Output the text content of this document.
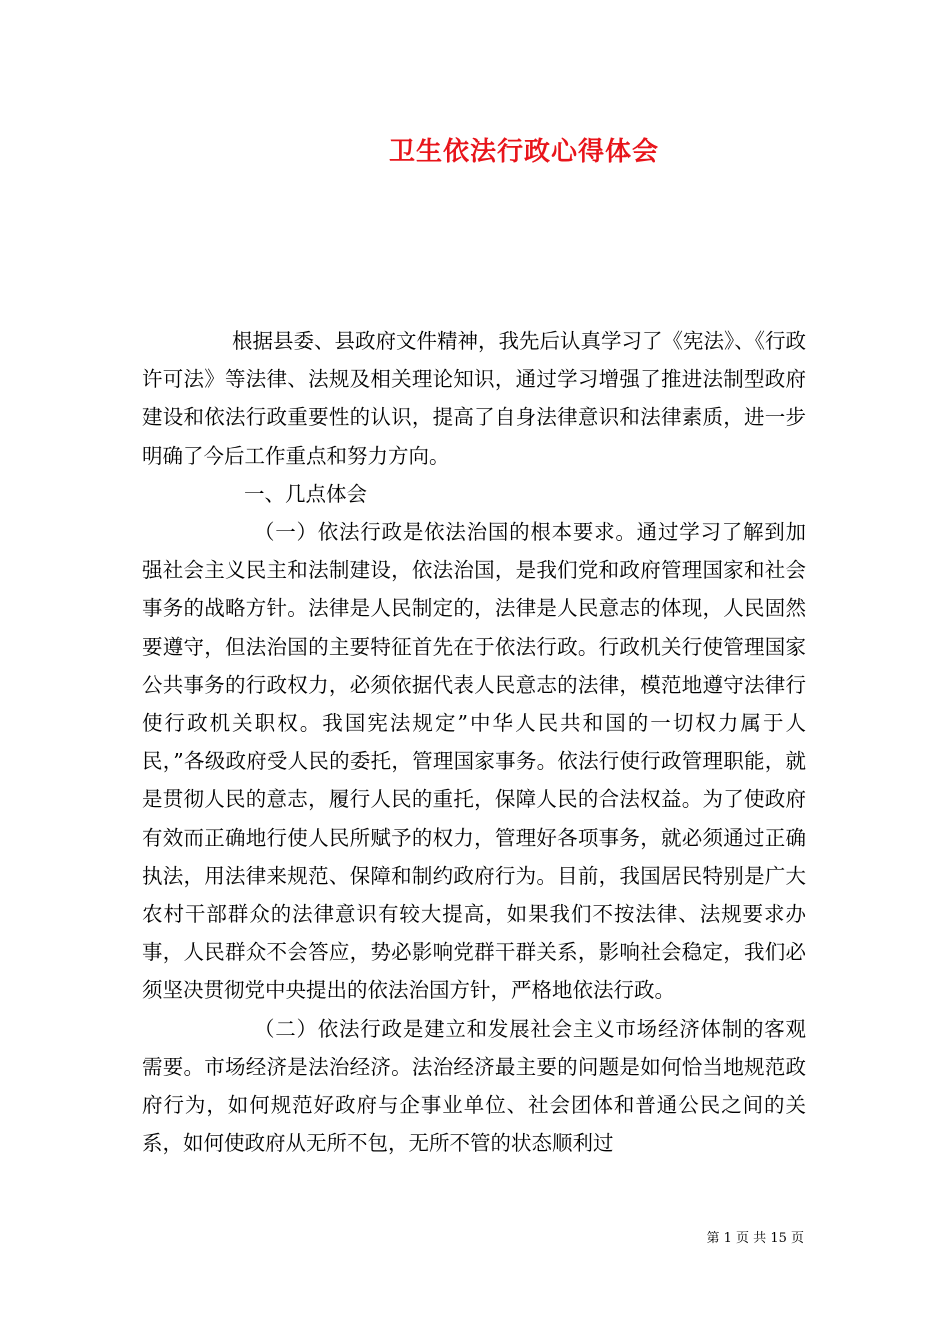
卫生依法行政心得体会

根据县委、县政府文件精神，我先后认真学习了《宪法》、《行政许可法》等法律、法规及相关理论知识，通过学习增强了推进法制型政府建设和依法行政重要性的认识，提高了自身法律意识和法律素质，进一步明确了今后工作重点和努力方向。

一、几点体会

（一）依法行政是依法治国的根本要求。通过学习了解到加强社会主义民主和法制建设，依法治国，是我们党和政府管理国家和社会事务的战略方针。法律是人民制定的，法律是人民意志的体现，人民固然要遵守，但法治国的主要特征首先在于依法行政。行政机关行使管理国家公共事务的行政权力，必须依据代表人民意志的法律，模范地遵守法律行使行政机关职权。我国宪法规定”中华人民共和国的一切权力属于人民，”各级政府受人民的委托，管理国家事务。依法行使行政管理职能，就是贯彻人民的意志，履行人民的重托，保障人民的合法权益。为了使政府有效而正确地行使人民所赋予的权力，管理好各项事务，就必须通过正确执法，用法律来规范、保障和制约政府行为。目前，我国居民特别是广大农村干部群众的法律意识有较大提高，如果我们不按法律、法规要求办事，人民群众不会答应，势必影响党群干群关系，影响社会稳定，我们必须坚决贯彻党中央提出的依法治国方针，严格地依法行政。

（二）依法行政是建立和发展社会主义市场经济体制的客观需要。市场经济是法治经济。法治经济最主要的问题是如何恰当地规范政府行为，如何规范好政府与企事业单位、社会团体和普通公民之间的关系，如何使政府从无所不包，无所不管的状态顺利过

第 1 页 共 15 页
